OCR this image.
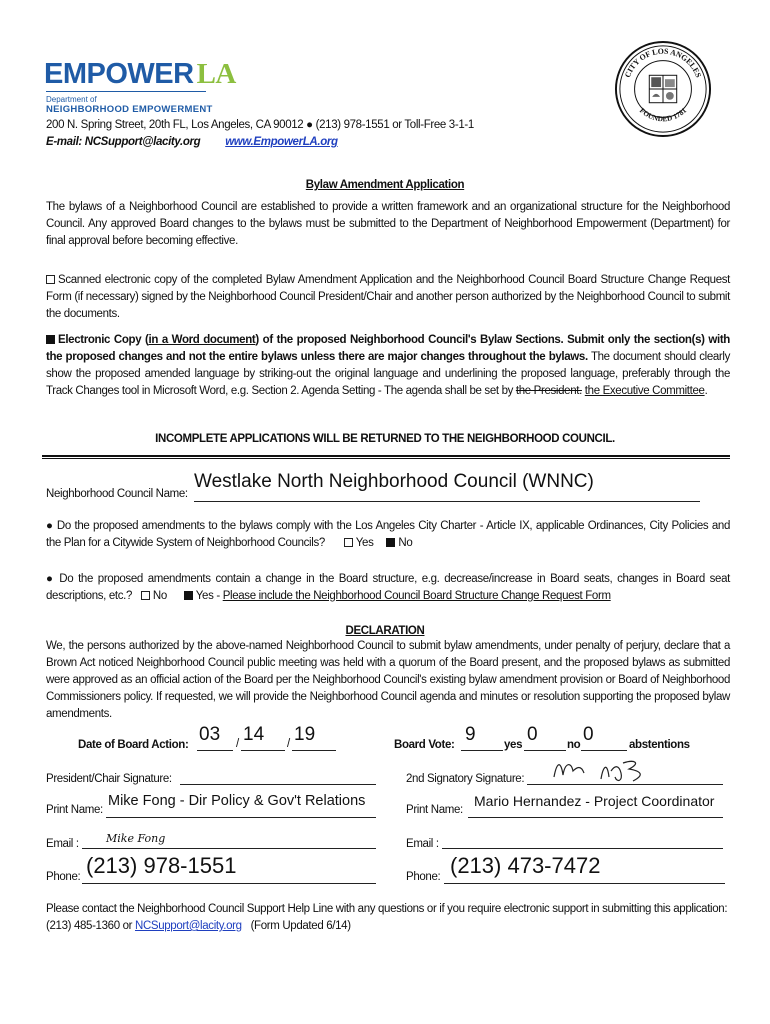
EMPOWER LA
Department of
NEIGHBORHOOD EMPOWERMENT
CITY OF LOS ANGELES
FOUNDED 1781
200 N. Spring Street, 20th FL, Los Angeles, CA 90012 ● (213) 978-1551 or Toll-Free 3-1-1
E-mail: NCSupport@lacity.org www.EmpowerLA.org
Bylaw Amendment Application
The bylaws of a Neighborhood Council are established to provide a written framework and an organizational structure for the Neighborhood Council. Any approved Board changes to the bylaws must be submitted to the Department of Neighborhood Empowerment (Department) for final approval before becoming effective.
Scanned electronic copy of the completed Bylaw Amendment Application and the Neighborhood Council Board Structure Change Request Form (if necessary) signed by the Neighborhood Council President/Chair and another person authorized by the Neighborhood Council to submit the documents.
Electronic Copy (in a Word document) of the proposed Neighborhood Council's Bylaw Sections. Submit only the section(s) with the proposed changes and not the entire bylaws unless there are major changes throughout the bylaws. The document should clearly show the proposed amended language by striking-out the original language and underlining the proposed language, preferably through the Track Changes tool in Microsoft Word, e.g. Section 2. Agenda Setting - The agenda shall be set by the President. the Executive Committee.
INCOMPLETE APPLICATIONS WILL BE RETURNED TO THE NEIGHBORHOOD COUNCIL.
Neighborhood Council Name:
Westlake North Neighborhood Council (WNNC)
● Do the proposed amendments to the bylaws comply with the Los Angeles City Charter - Article IX, applicable Ordinances, City Policies and the Plan for a Citywide System of Neighborhood Councils?	Yes No
● Do the proposed amendments contain a change in the Board structure, e.g. decrease/increase in Board seats, changes in Board seat descriptions, etc.? No	Yes - Please include the Neighborhood Council Board Structure Change Request Form
DECLARATION
We, the persons authorized by the above-named Neighborhood Council to submit bylaw amendments, under penalty of perjury, declare that a Brown Act noticed Neighborhood Council public meeting was held with a quorum of the Board present, and the proposed bylaws as submitted were approved as an official action of the Board per the Neighborhood Council's existing bylaw amendment provision or Board of Neighborhood Commissioners policy. If requested, we will provide the Neighborhood Council agenda and minutes or resolution supporting the proposed bylaw amendments.
Date of Board Action: 03 / 14 / 19	Board Vote: 9 yes 0	no 0	abstentions
President/Chair Signature:
Print Name:
Mike Fong - Dir Policy & Gov't Relations
Email : Mike Fong
Phone: (213) 978-1551
2nd Signatory Signature:
Print Name:
Mario Hernandez - Project Coordinator
Email :
Phone: (213) 473-7472
Please contact the Neighborhood Council Support Help Line with any questions or if you require electronic support in submitting this application: (213) 485-1360 or NCSupport@lacity.org (Form Updated 6/14)
